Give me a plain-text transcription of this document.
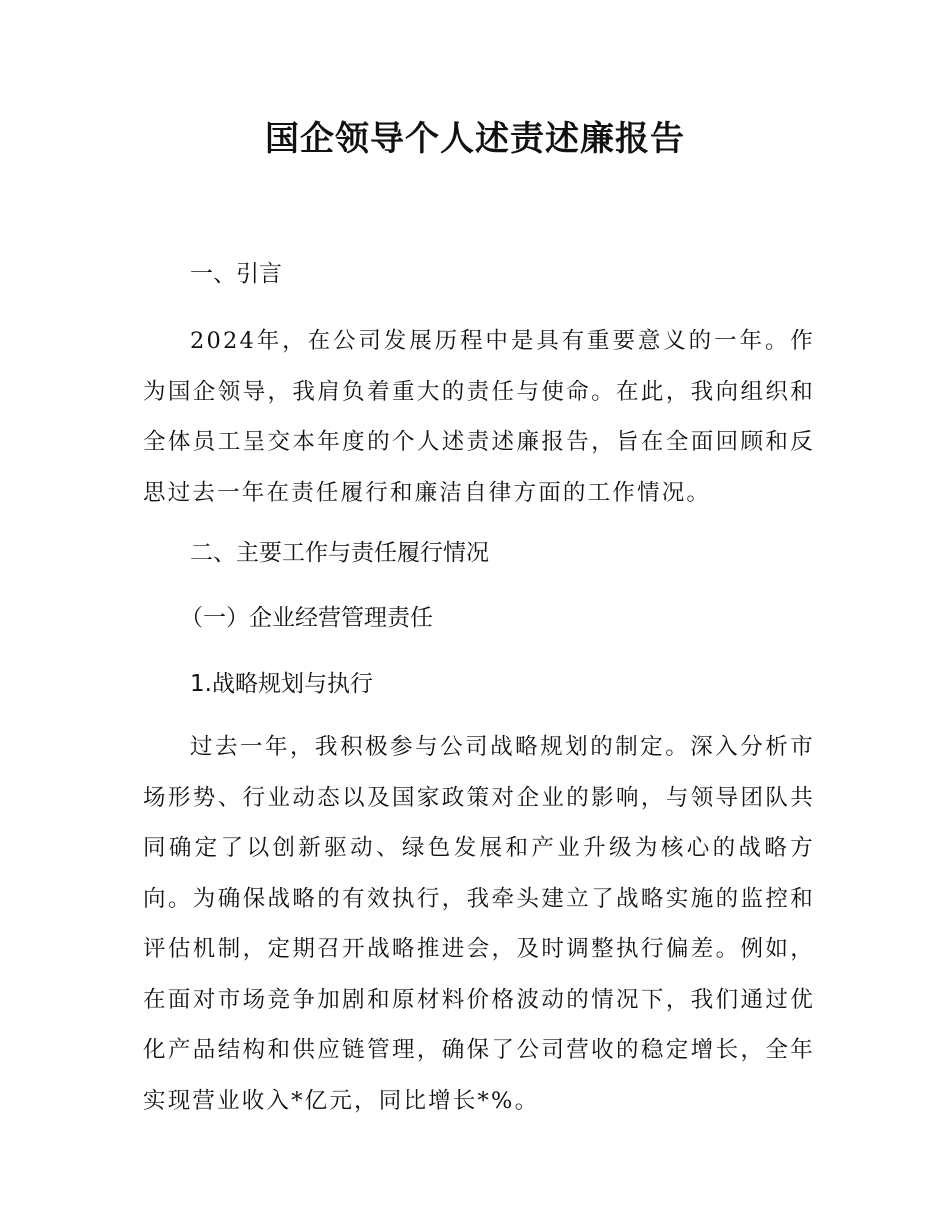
国企领导个人述责述廉报告
一、引言

2024年，在公司发展历程中是具有重要意义的一年。作为国企领导，我肩负着重大的责任与使命。在此，我向组织和全体员工呈交本年度的个人述责述廉报告，旨在全面回顾和反思过去一年在责任履行和廉洁自律方面的工作情况。

二、主要工作与责任履行情况
（一）企业经营管理责任
1.战略规划与执行

过去一年，我积极参与公司战略规划的制定。深入分析市场形势、行业动态以及国家政策对企业的影响，与领导团队共同确定了以创新驱动、绿色发展和产业升级为核心的战略方向。为确保战略的有效执行，我牵头建立了战略实施的监控和评估机制，定期召开战略推进会，及时调整执行偏差。例如，在面对市场竞争加剧和原材料价格波动的情况下，我们通过优化产品结构和供应链管理，确保了公司营收的稳定增长，全年实现营业收入*亿元，同比增长*%。
